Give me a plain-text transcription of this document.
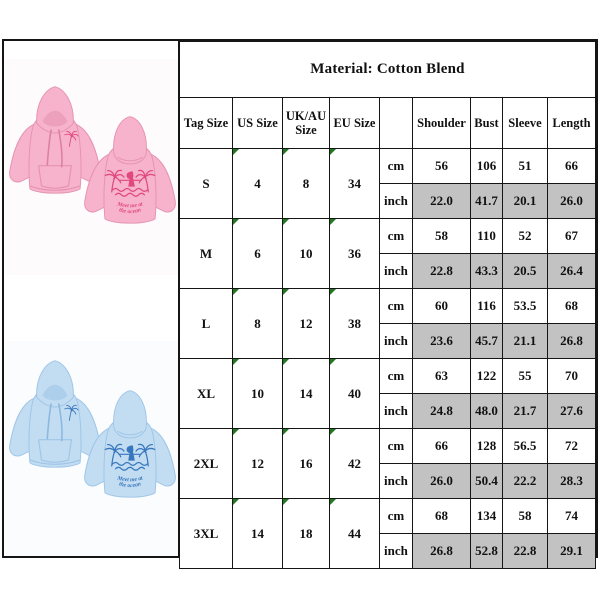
Meet me at
the ocean
Meet me at
the ocean
Material: Cotton Blend								
Tag Size	US Size	UK/AU Size	EU Size		Shoulder	Bust	Sleeve	Length
S	4	8	34	cm	56	106	51	66
				inch	22.0	41.7	20.1	26.0
M	6	10	36	cm	58	110	52	67
				inch	22.8	43.3	20.5	26.4
L	8	12	38	cm	60	116	53.5	68
				inch	23.6	45.7	21.1	26.8
XL	10	14	40	cm	63	122	55	70
				inch	24.8	48.0	21.7	27.6
2XL	12	16	42	cm	66	128	56.5	72
				inch	26.0	50.4	22.2	28.3
3XL	14	18	44	cm	68	134	58	74
				inch	26.8	52.8	22.8	29.1
